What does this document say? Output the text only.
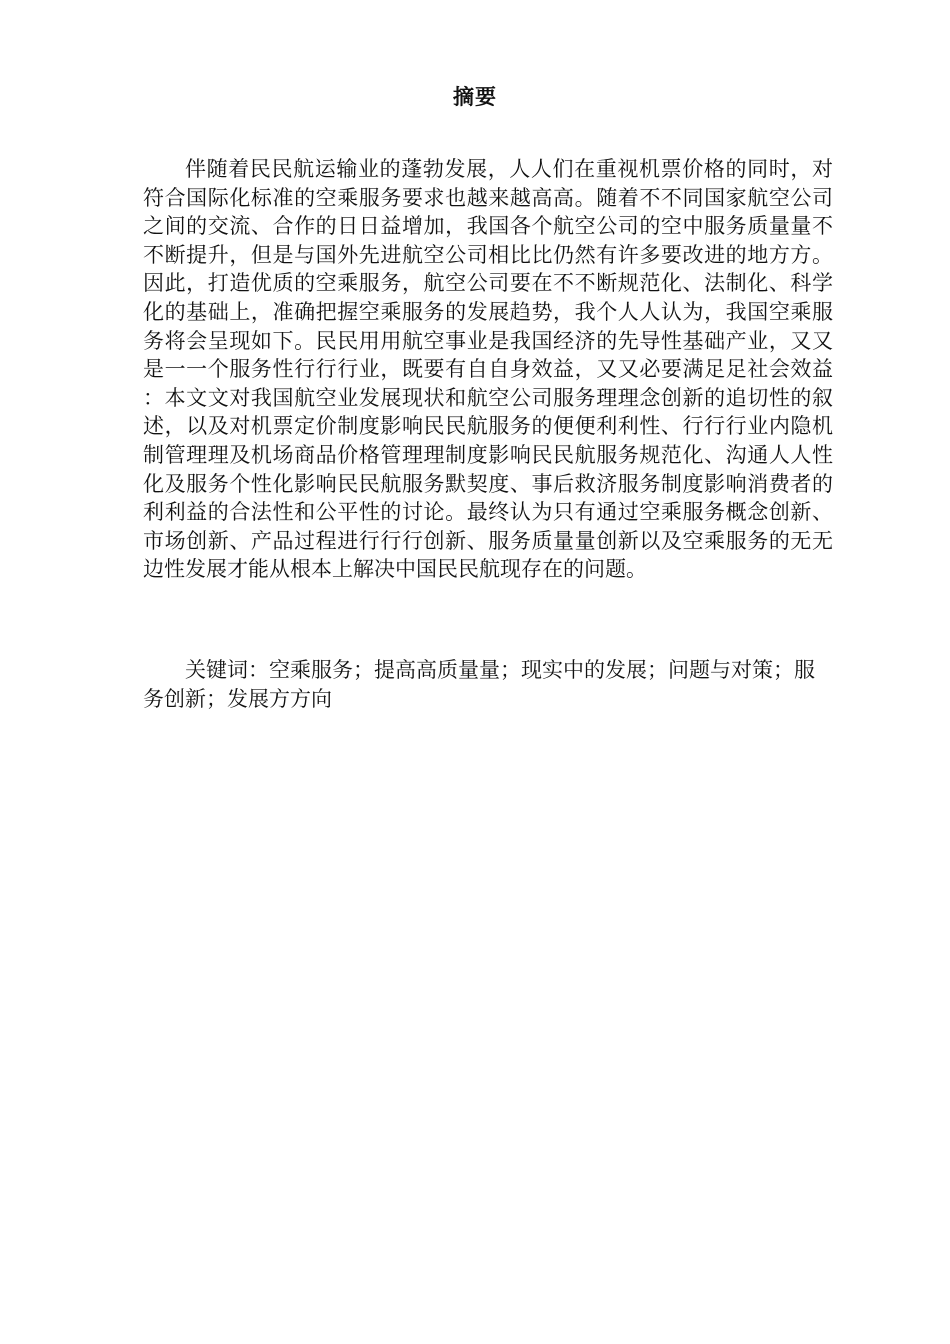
摘要

伴随着民民航运输业的蓬勃发展，人人们在重视机票价格的同时，对符合国际化标准的空乘服务要求也越来越高高。随着不不同国家航空公司之间的交流、合作的日日益增加，我国各个航空公司的空中服务质量量不不断提升，但是与国外先进航空公司相比比仍然有许多要改进的地方方。因此，打造优质的空乘服务，航空公司要在不不断规范化、法制化、科学化的基础上，准确把握空乘服务的发展趋势，我个人人认为，我国空乘服务将会呈现如下。民民用用航空事业是我国经济的先导性基础产业，又又是一一个服务性行行行业，既要有自自身效益，又又必要满足足社会效益：本文文对我国航空业发展现状和航空公司服务理理念创新的追切性的叙述，以及对机票定价制度影响民民航服务的便便利利性、行行行业内隐机制管理理及机场商品价格管理理制度影响民民航服务规范化、沟通人人性化及服务个性化影响民民航服务默契度、事后救济服务制度影响消费者的利利益的合法性和公平性的讨论。最终认为只有通过空乘服务概念创新、市场创新、产品过程进行行行创新、服务质量量创新以及空乘服务的无无边性发展才能从根本上解决中国民民航现存在的问题。

关键词：空乘服务；提高高质量量；现实中的发展；问题与对策；服务创新；发展方方向
